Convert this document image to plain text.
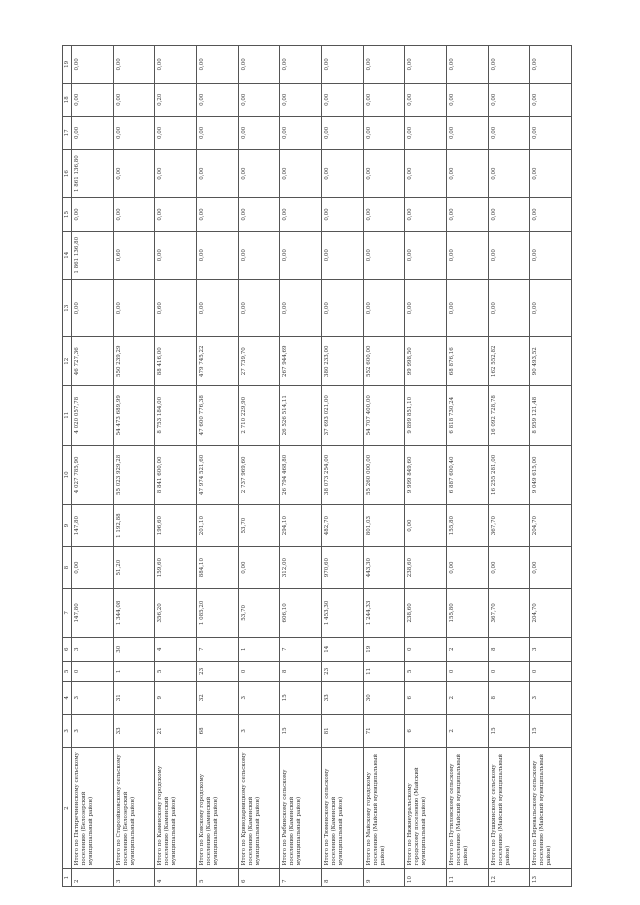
1	2	3	4	5	6	7	8	9	10	11	12	13	14	15	16	17	18	19
2	Итого по Пятиречненскому сельскому поселению (Белозерский муниципальный район)	3	3	0	3	147,80	0,00	147,80	4 027 785,90	4 020 057,78	46 727,36	0,00	1 861 136,80	0,00	1 861 136,80	0,00	0,00	0,00
3	Итого по Старозйковскому сельскому поселению (Белозерский муниципальный район)	33	31	1	30	1 344,08	51,20	1 192,88	55 023 929,28	54 473 689,99	550 239,29	0,00	0,60	0,00	0,00	0,00	0,00	0,00
4	Итого по Каменскому городскому поселению (Каменский муниципальный район)	21	9	5	4	356,20	159,60	196,60	8 841 600,00	8 753 184,00	88 416,00	0,60	0,00	0,00	0,00	0,00	0,20	0,00
5	Итого по Ковскому городскому поселению (Каменский муниципальный район)	68	32	23	7	1 085,20	884,10	201,10	47 974 521,60	47 600 776,38	479 745,22	0,00	0,00	0,00	0,00	0,00	0,00	0,00
6	Итого по Криводарницкому сельскому поселению (Каменский муниципальный район)	3	3	0	1	53,70	0,00	53,70	2 737 969,60	2 710 229,90	27 739,70	0,00	0,00	0,00	0,00	0,00	0,00	0,00
7	Итого по Рыбинскому сельскому поселению (Каменский муниципальный район)	15	15	8	7	606,10	312,00	294,10	26 794 468,80	26 526 514,11	267 944,69	0,00	0,00	0,00	0,00	0,00	0,00	0,00
8	Итого по Тюменскому сельскому поселению (Каменский муниципальный район)	81	33	23	14	1 453,30	970,60	482,70	38 073 254,00	37 693 021,00	380 233,00	0,00	0,00	0,00	0,00	0,00	0,00	0,00
9	Итого по Майскому городскому поселению (Майский муниципальный район)	71	30	11	19	1 244,33	443,30	801,03	55 260 000,00	54 707 400,00	552 600,00	0,00	0,00	0,00	0,00	0,00	0,00	0,00
10	Итого по Нижнеуральскому городскому поселению (Майский муниципальный район)	6	6	5	0	238,60	238,60	0,00	9 999 849,60	9 899 851,10	99 998,50	0,00	0,00	0,00	0,00	0,00	0,00	0,00
11	Итого по Путиловскому сельскому поселению (Майский муниципальный район)	2	2	0	2	155,80	0,00	155,80	6 887 600,40	6 818 730,24	68 876,16	0,00	0,00	0,00	0,00	0,00	0,00	0,00
12	Итого по Пушкинскому сельскому поселению (Майский муниципальный район)	15	8	0	8	367,70	0,00	367,70	16 255 281,00	16 092 728,78	162 552,82	0,00	0,00	0,00	0,00	0,00	0,00	0,00
13	Итого по Перевальскому сельскому поселению (Майский муниципальный район)	15	3	0	3	204,70	0,00	204,70	9 049 615,00	8 959 121,48	90 493,52	0,00	0,00	0,00	0,00	0,00	0,00	0,00
